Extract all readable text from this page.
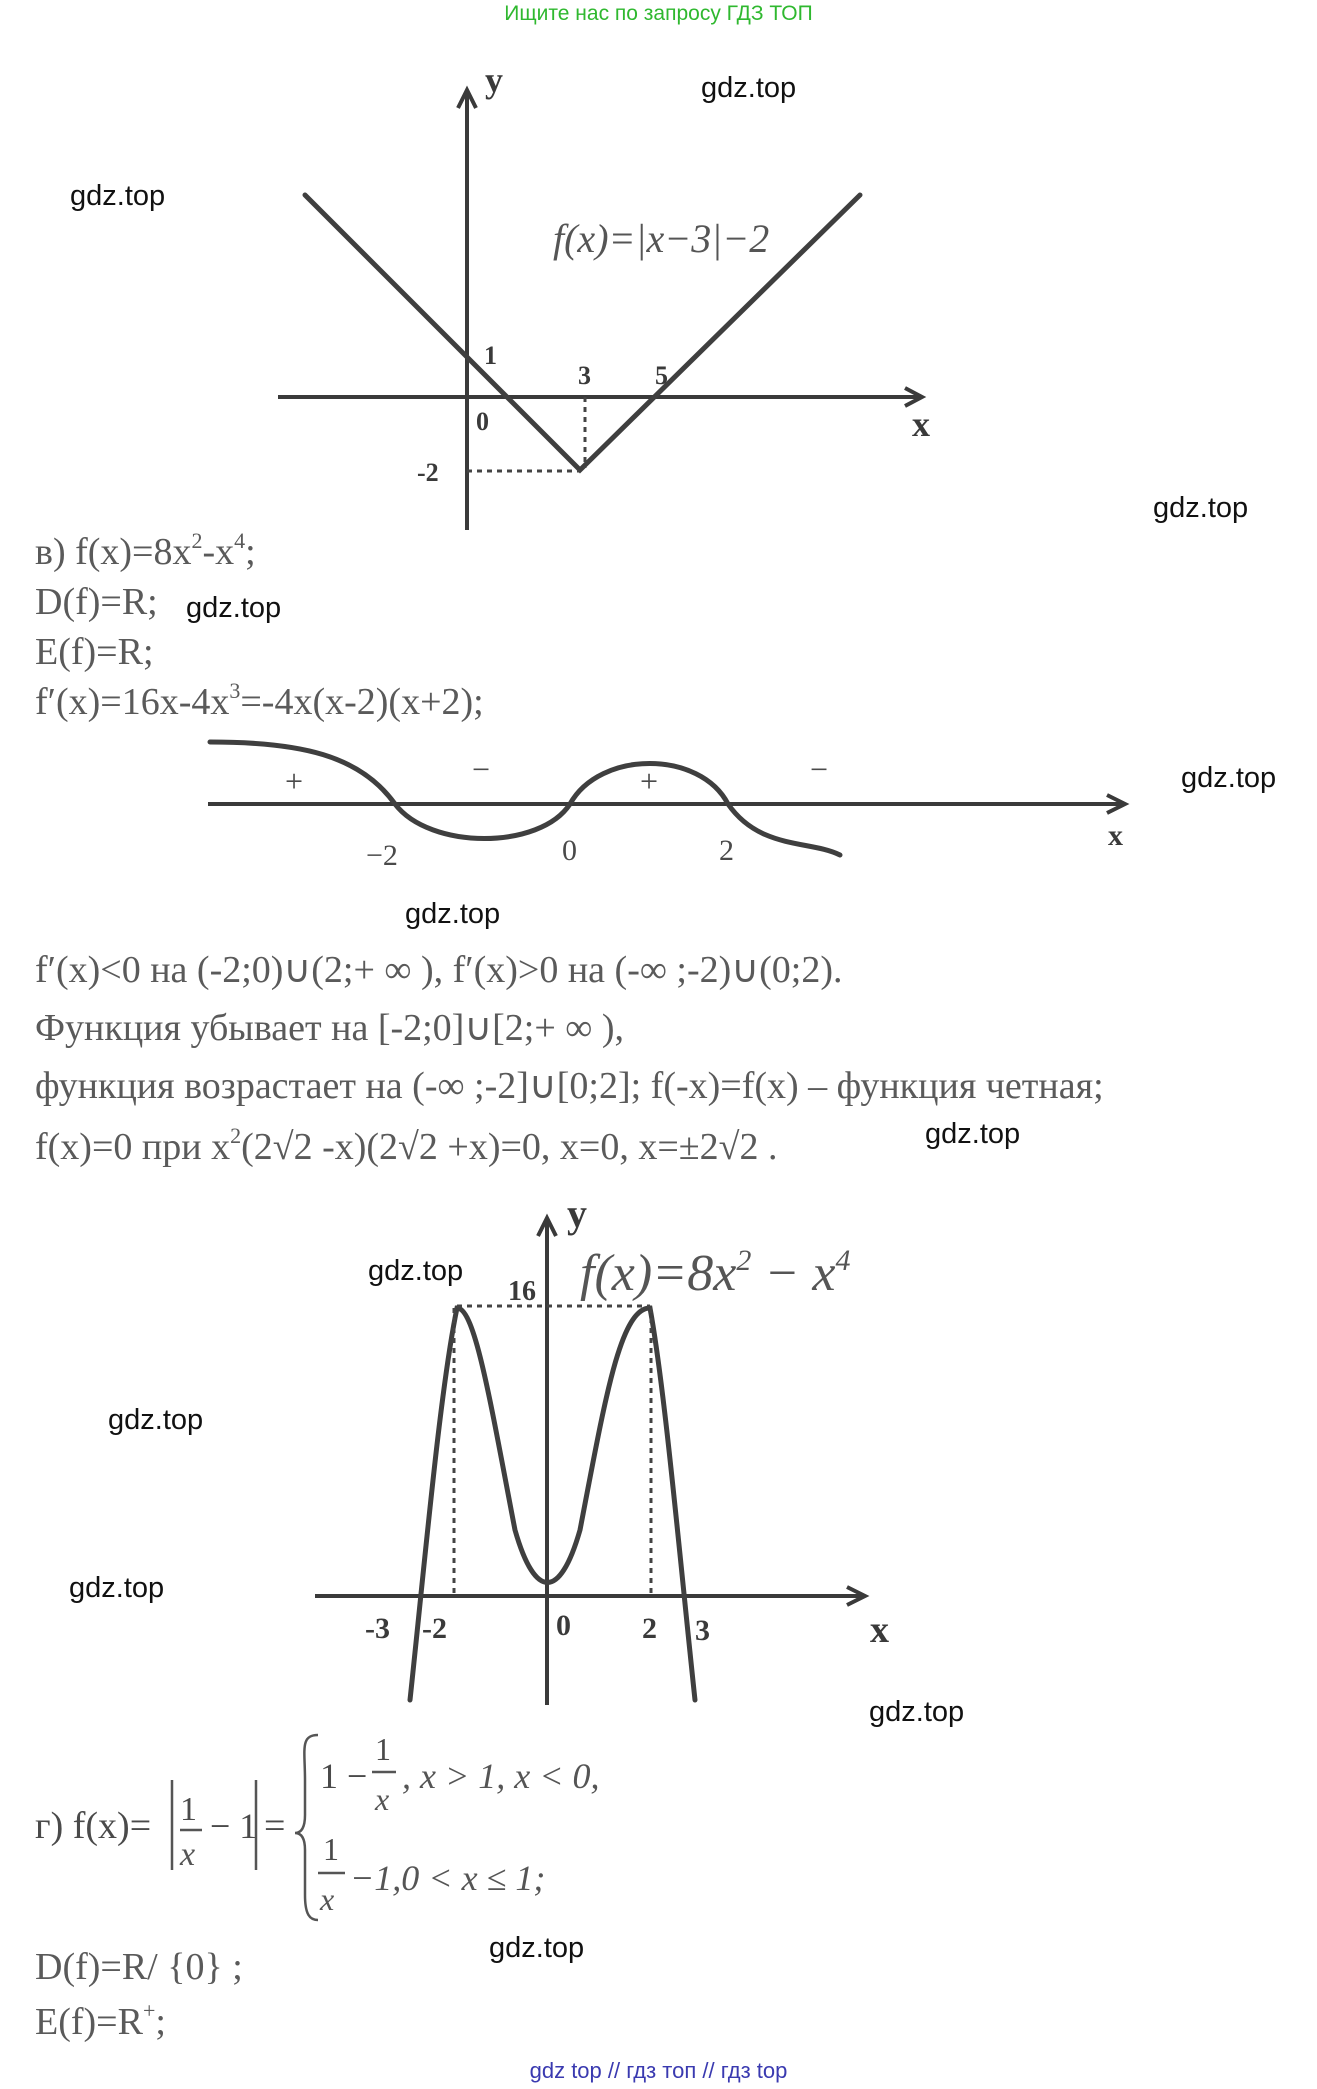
Ищите нас по запросу ГДЗ ТОП
gdz top // гдз топ // гдз top
gdz.top
gdz.top
gdz.top
gdz.top
gdz.top
gdz.top
gdz.top
gdz.top
gdz.top
gdz.top
gdz.top
gdz.top
y
x
f(x)=|x−3|−2
1
0
3 5
-2
в) $f(x)=8x^2-x^4$;
D(f)=R;
E(f)=R;
$f'(x)=16x-4x^3=-4x(x-2)(x+2)$;
+	−	+	−
−2	0	2	x
f′(x)<0 на (-2;0)∪(2;+ ∞ ), f′(x)>0 на (-∞ ;-2)∪(0;2).
Функция убывает на [-2;0]∪[2;+ ∞ ),
функция возрастает на (-∞ ;-2]∪[0;2]; f(-x)=f(x) – функция четная;
f(x)=0 при $x^2(2√2$ -x)(2√2 +x)=0, x=0, x=±2√2 .
y
x
$f(x)=8x^2 - x^4$
16
-3 -2	0 2 3
г) f(x)= 1
x
− 1 =
1 −
1
x
, x > 1, x < 0,
1
x
−1,0 < x ≤ 1;
D(f)=R/ {0} ;
E(f)=R+;
